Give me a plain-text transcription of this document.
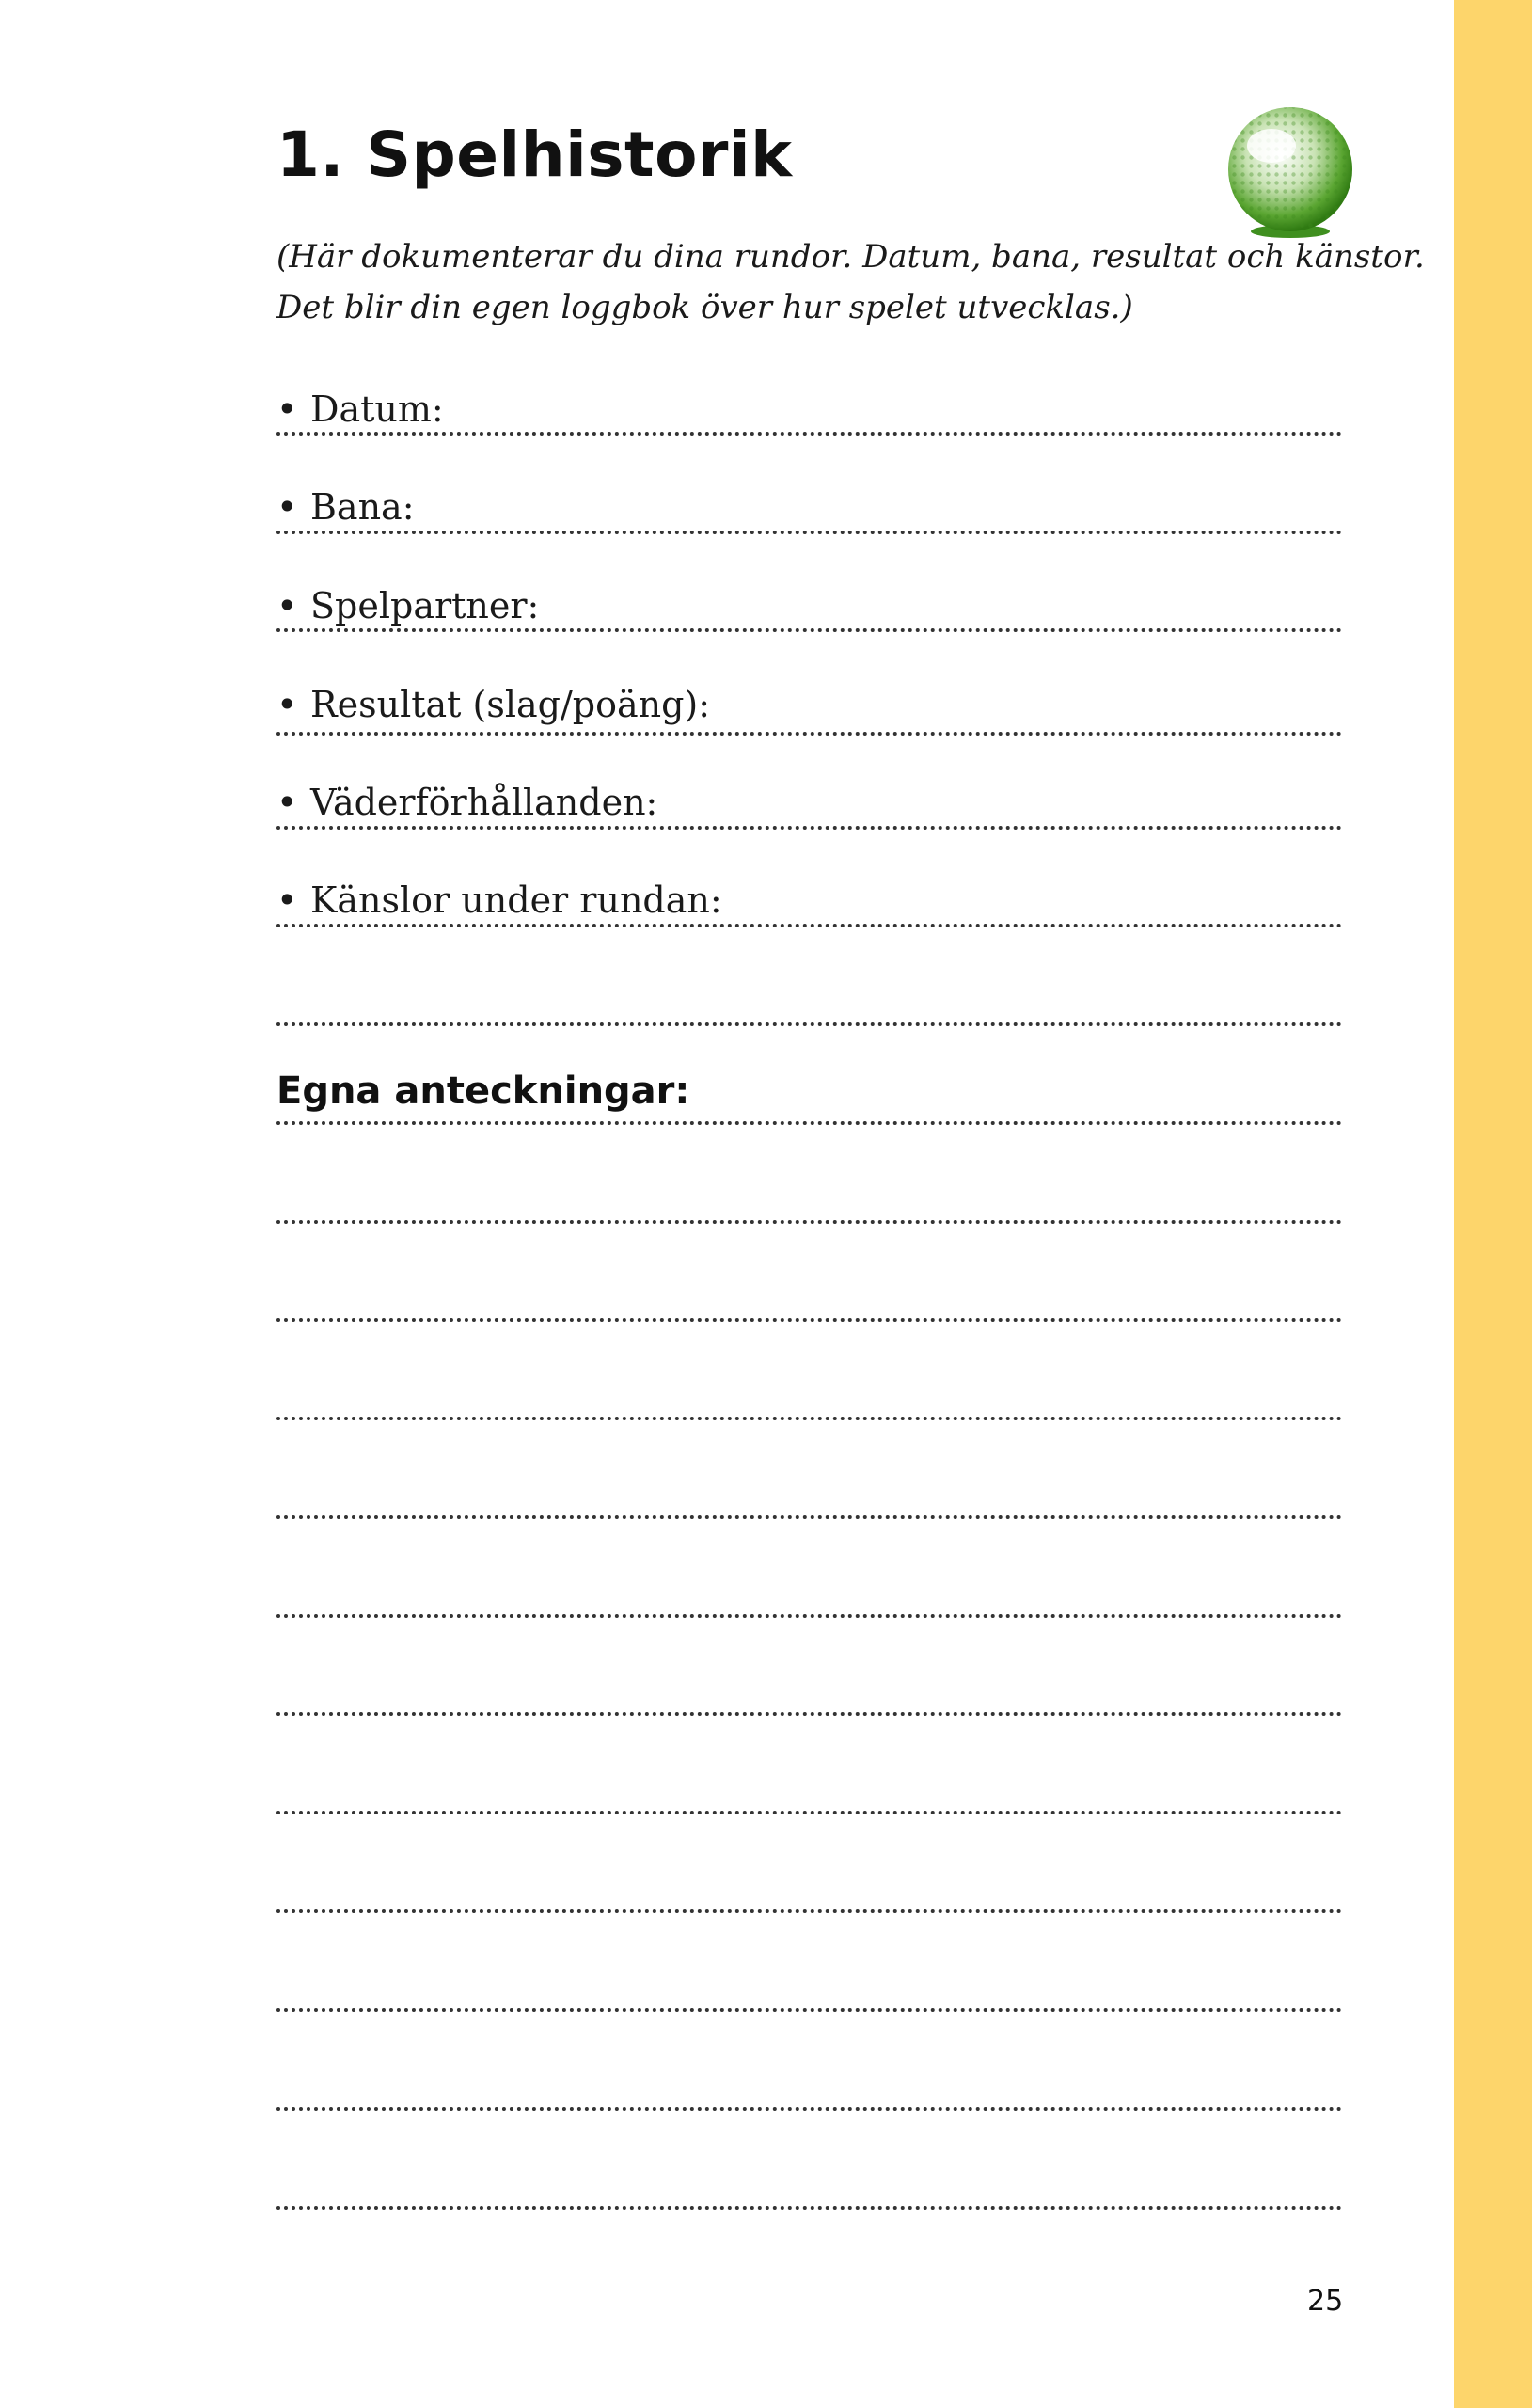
1. Spelhistorik

(Här dokumenterar du dina rundor. Datum, bana, resultat och känstor.
Det blir din egen loggbok över hur spelet utvecklas.)

• Datum:
• Bana:
• Spelpartner:
• Resultat (slag/poäng):
• Väderförhållanden:
• Känslor under rundan:
Egna anteckningar:
25
